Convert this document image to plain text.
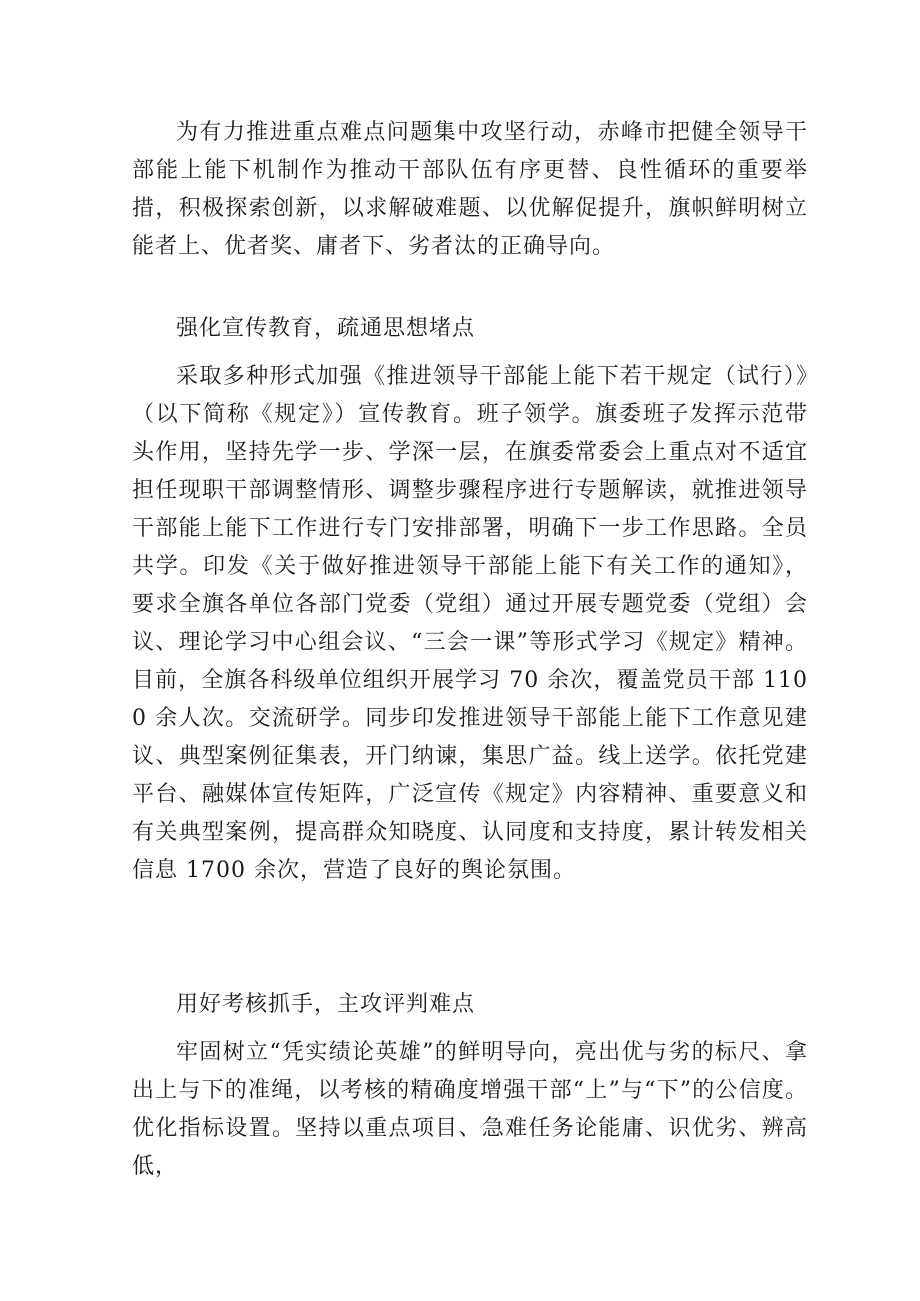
为有力推进重点难点问题集中攻坚行动，赤峰市把健全领导干部能上能下机制作为推动干部队伍有序更替、良性循环的重要举措，积极探索创新，以求解破难题、以优解促提升，旗帜鲜明树立能者上、优者奖、庸者下、劣者汰的正确导向。

强化宣传教育，疏通思想堵点

采取多种形式加强《推进领导干部能上能下若干规定（试行）》（以下简称《规定》）宣传教育。班子领学。旗委班子发挥示范带头作用，坚持先学一步、学深一层，在旗委常委会上重点对不适宜担任现职干部调整情形、调整步骤程序进行专题解读，就推进领导干部能上能下工作进行专门安排部署，明确下一步工作思路。全员共学。印发《关于做好推进领导干部能上能下有关工作的通知》，要求全旗各单位各部门党委（党组）通过开展专题党委（党组）会议、理论学习中心组会议、“三会一课”等形式学习《规定》精神。目前，全旗各科级单位组织开展学习 70 余次，覆盖党员干部 1100 余人次。交流研学。同步印发推进领导干部能上能下工作意见建议、典型案例征集表，开门纳谏，集思广益。线上送学。依托党建平台、融媒体宣传矩阵，广泛宣传《规定》内容精神、重要意义和有关典型案例，提高群众知晓度、认同度和支持度，累计转发相关信息 1700 余次，营造了良好的舆论氛围。

用好考核抓手，主攻评判难点

牢固树立“凭实绩论英雄”的鲜明导向，亮出优与劣的标尺、拿出上与下的准绳，以考核的精确度增强干部“上”与“下”的公信度。优化指标设置。坚持以重点项目、急难任务论能庸、识优劣、辨高低，
